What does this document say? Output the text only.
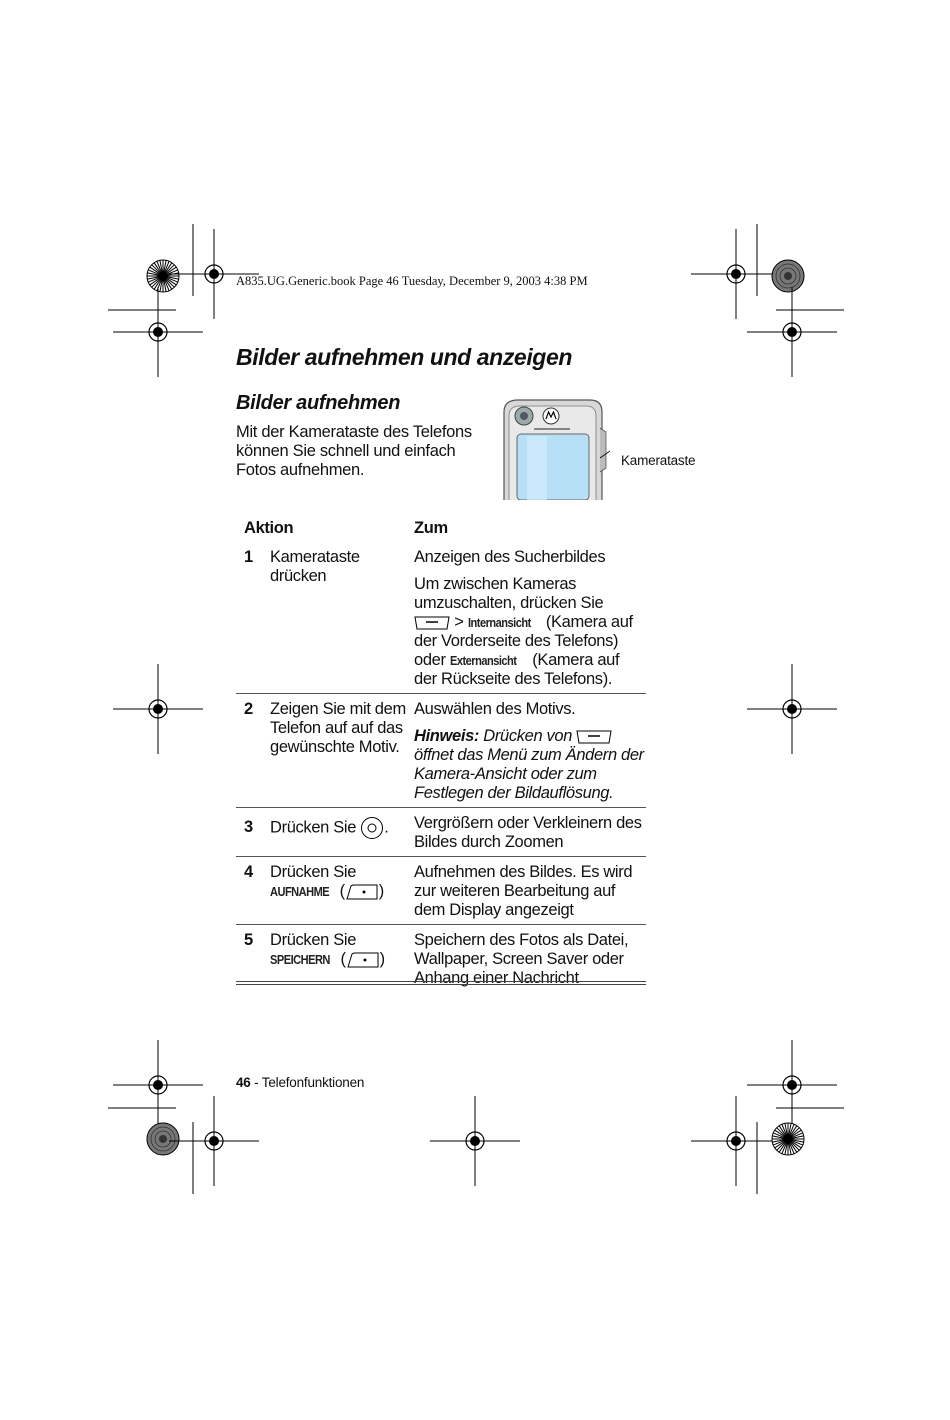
A835.UG.Generic.book Page 46 Tuesday, December 9, 2003 4:38 PM
Bilder aufnehmen und anzeigen
Bilder aufnehmen
Mit der Kamerataste des Telefons können Sie schnell und einfach Fotos aufnehmen.
Kamerataste
Aktion		Zum
1	Kamerataste drücken	Anzeigen des Sucherbildes

Um zwischen Kameras umzuschalten, drücken Sie
> Internansicht (Kamera auf der Vorderseite des Telefons) oder Externansicht (Kamera auf der Rückseite des Telefons).

2	Zeigen Sie mit dem Telefon auf auf das gewünschte Motiv.	Auswählen des Motivs.

Hinweis: Drücken von  öffnet das Menü zum Ändern der Kamera-Ansicht oder zum Festlegen der Bildauflösung.

3	Drücken Sie .	Vergrößern oder Verkleinern des Bildes durch Zoomen

4	Drücken Sie
AUFNAHME ( )	Aufnehmen des Bildes. Es wird zur weiteren Bearbeitung auf dem Display angezeigt

5	Drücken Sie
SPEICHERN ( )	Speichern des Fotos als Datei, Wallpaper, Screen Saver oder Anhang einer Nachricht

46 - Telefonfunktionen
